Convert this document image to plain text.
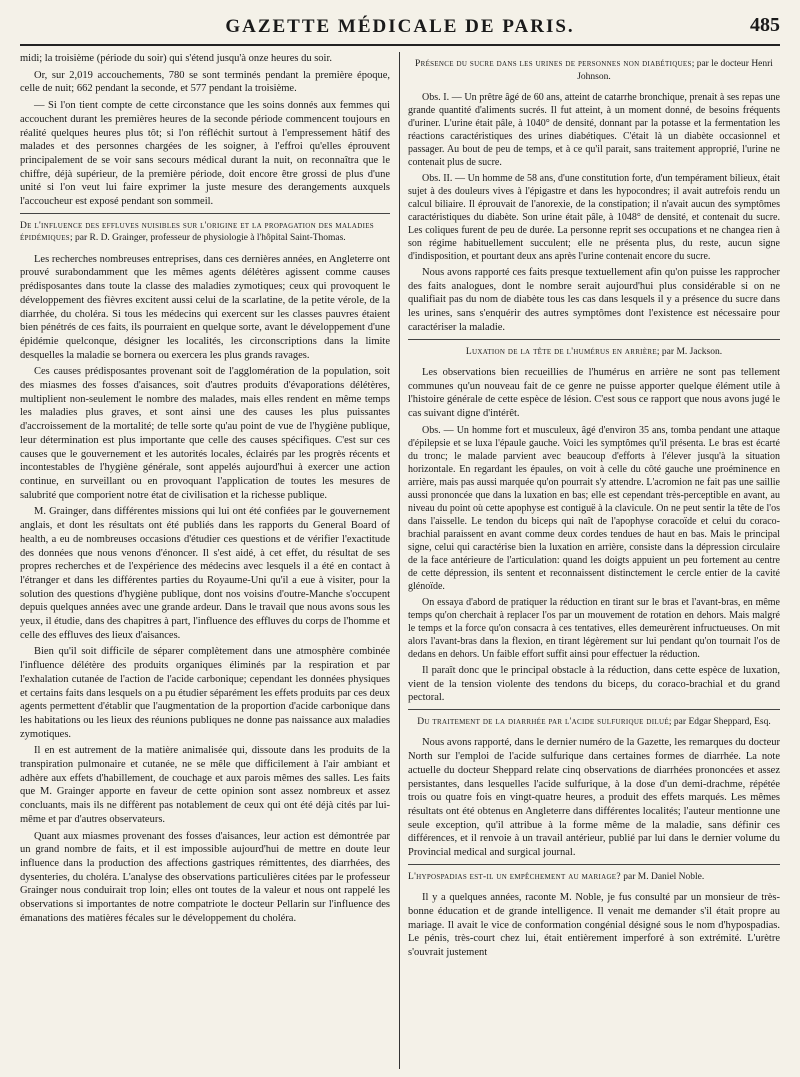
GAZETTE MÉDICALE DE PARIS.	485

midi; la troisième (période du soir) qui s'étend jusqu'à onze heures du soir.

Or, sur 2,019 accouchements, 780 se sont terminés pendant la première époque, celle de nuit; 662 pendant la seconde, et 577 pendant la troisième.

— Si l'on tient compte de cette circonstance que les soins donnés aux femmes qui accouchent durant les premières heures de la seconde période commencent toujours en réalité quelques heures plus tôt; si l'on réfléchit surtout à l'empressement hâtif des malades et des personnes chargées de les soigner, à l'effroi qu'elles éprouvent principalement de se voir sans secours médical durant la nuit, on reconnaîtra que le chiffre, déjà supérieur, de la première période, doit encore être grossi de plus d'une unité si l'on veut lui faire exprimer la juste mesure des derangements auxquels l'accoucheur est exposé pendant son sommeil.

De l'influence des effluves nuisibles sur l'origine et la propagation des maladies épidémiques; par R. D. Grainger, professeur de physiologie à l'hôpital Saint-Thomas.

Les recherches nombreuses entreprises, dans ces dernières années, en Angleterre ont prouvé surabondamment que les mêmes agents délétères agissent comme causes prédisposantes dans toute la classe des maladies zymotiques; ceux qui provoquent le développement des fièvres excitent aussi celui de la scarlatine, de la petite vérole, de la diarrhée, du choléra. Si tous les médecins qui exercent sur les classes pauvres étaient bien pénétrés de ces faits, ils pourraient en quelque sorte, avant le développement d'une épidémie quelconque, désigner les localités, les circonscriptions dans la limite desquelles la maladie se bornera ou exercera les plus grands ravages.

Ces causes prédisposantes provenant soit de l'agglomération de la population, soit des miasmes des fosses d'aisances, soit d'autres produits d'évaporations délétères, multiplient non-seulement le nombre des malades, mais elles rendent en même temps les maladies plus graves, et sont ainsi une des causes les plus puissantes d'accroissement de la mortalité; de telle sorte qu'au point de vue de l'hygiène publique, leur détermination est plus importante que celle des causes spécifiques. C'est sur ces causes que le gouvernement et les autorités locales, éclairés par les progrès récents et incontestables de l'hygiène générale, sont appelés aujourd'hui à exercer une action continue, en surveillant ou en provoquant l'application de toutes les mesures de salubrité que comporient notre état de civilisation et la richesse publique.

M. Grainger, dans différentes missions qui lui ont été confiées par le gouvernement anglais, et dont les résultats ont été publiés dans les rapports du General Board of health, a eu de nombreuses occasions d'étudier ces questions et de vérifier l'exactitude des données que nous venons d'énoncer. Il s'est aidé, à cet effet, du résultat de ses propres recherches et de l'expérience des médecins avec lesquels il a été en contact à l'étranger et dans les différentes parties du Royaume-Uni qu'il a eue à visiter, pour la solution des questions d'hygiène publique, dont nos voisins d'outre-Manche s'occupent depuis quelques années avec une grande ardeur. Dans le travail que nous avons sous les yeux, il étudie, dans des chapitres à part, l'influence des effluves du corps de l'homme et celle des effluves des lieux d'aisances.

Bien qu'il soit difficile de séparer complètement dans une atmosphère combinée l'influence délétère des produits organiques éliminés par la respiration et par l'exhalation cutanée de l'action de l'acide carbonique; cependant les données physiques et certains faits dans lesquels on a pu étudier séparément les effets produits par ces deux agents permettent d'établir que l'augmentation de la proportion d'acide carbonique dans les habitations ou les lieux des réunions publiques ne donne pas naissance aux maladies zymotiques.

Il en est autrement de la matière animalisée qui, dissoute dans les produits de la transpiration pulmonaire et cutanée, ne se mêle que difficilement à l'air ambiant et adhère aux effets d'habillement, de couchage et aux parois mêmes des salles. Les faits que M. Grainger apporte en faveur de cette opinion sont assez nombreux et assez concluants, mais ils ne diffèrent pas notablement de ceux qui ont été déjà cités par lui-même et par d'autres observateurs.

Quant aux miasmes provenant des fosses d'aisances, leur action est démontrée par un grand nombre de faits, et il est impossible aujourd'hui de mettre en doute leur influence dans la production des affections gastriques rémittentes, des diarrhées, des dysenteries, du choléra. L'analyse des observations particulières citées par le professeur Grainger nous conduirait trop loin; elles ont toutes de la valeur et nous ont rappelé les observations si importantes de notre compatriote le docteur Pellarin sur l'influence des émanations des matières fécales sur le développement du choléra.

Présence du sucre dans les urines de personnes non diabétiques; par le docteur Henri Johnson.

Obs. I. — Un prêtre âgé de 60 ans, atteint de catarrhe bronchique, prenait à ses repas une grande quantité d'aliments sucrés. Il fut atteint, à un moment donné, de besoins fréquents d'uriner. L'urine était pâle, à 1040° de densité, donnant par la potasse et la fermentation les réactions caractéristiques des urines diabétiques. C'était là un diabète occasionnel et passager. Au bout de peu de temps, et à ce qu'il parait, sans traitement approprié, l'urine ne contenait plus de sucre.

Obs. II. — Un homme de 58 ans, d'une constitution forte, d'un tempérament bilieux, était sujet à des douleurs vives à l'épigastre et dans les hypocondres; il avait autrefois rendu un calcul biliaire. Il éprouvait de l'anorexie, de la constipation; il n'avait aucun des symptômes caractéristiques du diabète. Son urine était pâle, à 1048° de densité, et contenait du sucre. Les coliques furent de peu de durée. La personne reprit ses occupations et ne changea rien à son régime habituellement succulent; elle ne présenta plus, du reste, aucun signe d'indisposition, et pourtant deux ans après l'urine contenait encore du sucre.

Nous avons rapporté ces faits presque textuellement afin qu'on puisse les rapprocher des faits analogues, dont le nombre serait aujourd'hui plus considérable si on ne qualifiait pas du nom de diabète tous les cas dans lesquels il y a présence du sucre dans les urines, sans s'enquérir des autres symptômes dont l'existence est nécessaire pour caractériser la maladie.

Luxation de la tête de l'humérus en arrière; par M. Jackson.

Les observations bien recueillies de l'humérus en arrière ne sont pas tellement communes qu'un nouveau fait de ce genre ne puisse apporter quelque élément utile à l'histoire générale de cette espèce de lésion. C'est sous ce rapport que nous avons jugé le cas suivant digne d'intérêt.

Obs. — Un homme fort et musculeux, âgé d'environ 35 ans, tomba pendant une attaque d'épilepsie et se luxa l'épaule gauche. Voici les symptômes qu'il présenta. Le bras est écarté du tronc; le malade parvient avec beaucoup d'efforts à l'élever jusqu'à la situation horizontale. En regardant les épaules, on voit à celle du côté gauche une proéminence en arrière, mais pas aussi marquée qu'on pourrait s'y attendre. L'acromion ne fait pas une saillie aussi prononcée que dans la luxation en bas; elle est cependant très-perceptible en avant, au niveau du point où cette apophyse est contiguë à la clavicule. On ne peut sentir la tête de l'os dans l'aisselle. Le tendon du biceps qui naît de l'apophyse coracoïde et celui du coraco-brachial paraissent en avant comme deux cordes tendues de haut en bas. Mais le principal signe, celui qui caractérise bien la luxation en arrière, consiste dans la dépression circulaire de la face antérieure de l'articulation: quand les doigts appuient un peu fortement au centre de cette dépression, ils sentent et reconnaissent distinctement le cercle entier de la cavité glénoïde.

On essaya d'abord de pratiquer la réduction en tirant sur le bras et l'avant-bras, en même temps qu'on cherchait à replacer l'os par un mouvement de rotation en dehors. Mais malgré le temps et la force qu'on consacra à ces tentatives, elles demeurèrent infructueuses. On mit alors l'avant-bras dans la flexion, en tirant légèrement sur lui pendant qu'on tournait l'os de dedans en dehors. Un faible effort suffit ainsi pour effectuer la réduction.

Il paraît donc que le principal obstacle à la réduction, dans cette espèce de luxation, vient de la tension violente des tendons du biceps, du coraco-brachial et du grand pectoral.

Du traitement de la diarrhée par l'acide sulfurique dilué; par Edgar Sheppard, Esq.

Nous avons rapporté, dans le dernier numéro de la Gazette, les remarques du docteur North sur l'emploi de l'acide sulfurique dans certaines formes de diarrhée. La note actuelle du docteur Sheppard relate cinq observations de diarrhées prononcées et assez persistantes, dans lesquelles l'acide sulfurique, à la dose d'un demi-drachme, répétée trois ou quatre fois en vingt-quatre heures, a produit des effets marqués. Les mêmes résultats ont été obtenus en Angleterre dans différentes localités; l'auteur mentionne une seule exception, qu'il attribue à la forme même de la maladie, sans définir ces différences, et il renvoie à un travail antérieur, publié par lui dans le dernier volume du Provincial medical and surgical journal.

L'hypospadias est-il un empêchement au mariage? par M. Daniel Noble.

Il y a quelques années, raconte M. Noble, je fus consulté par un monsieur de très-bonne éducation et de grande intelligence. Il venait me demander s'il était propre au mariage. Il avait le vice de conformation congénial désigné sous le nom d'hypospadias. Le pénis, très-court chez lui, était entièrement imperforé à son extrémité. L'urètre s'ouvrait justement
